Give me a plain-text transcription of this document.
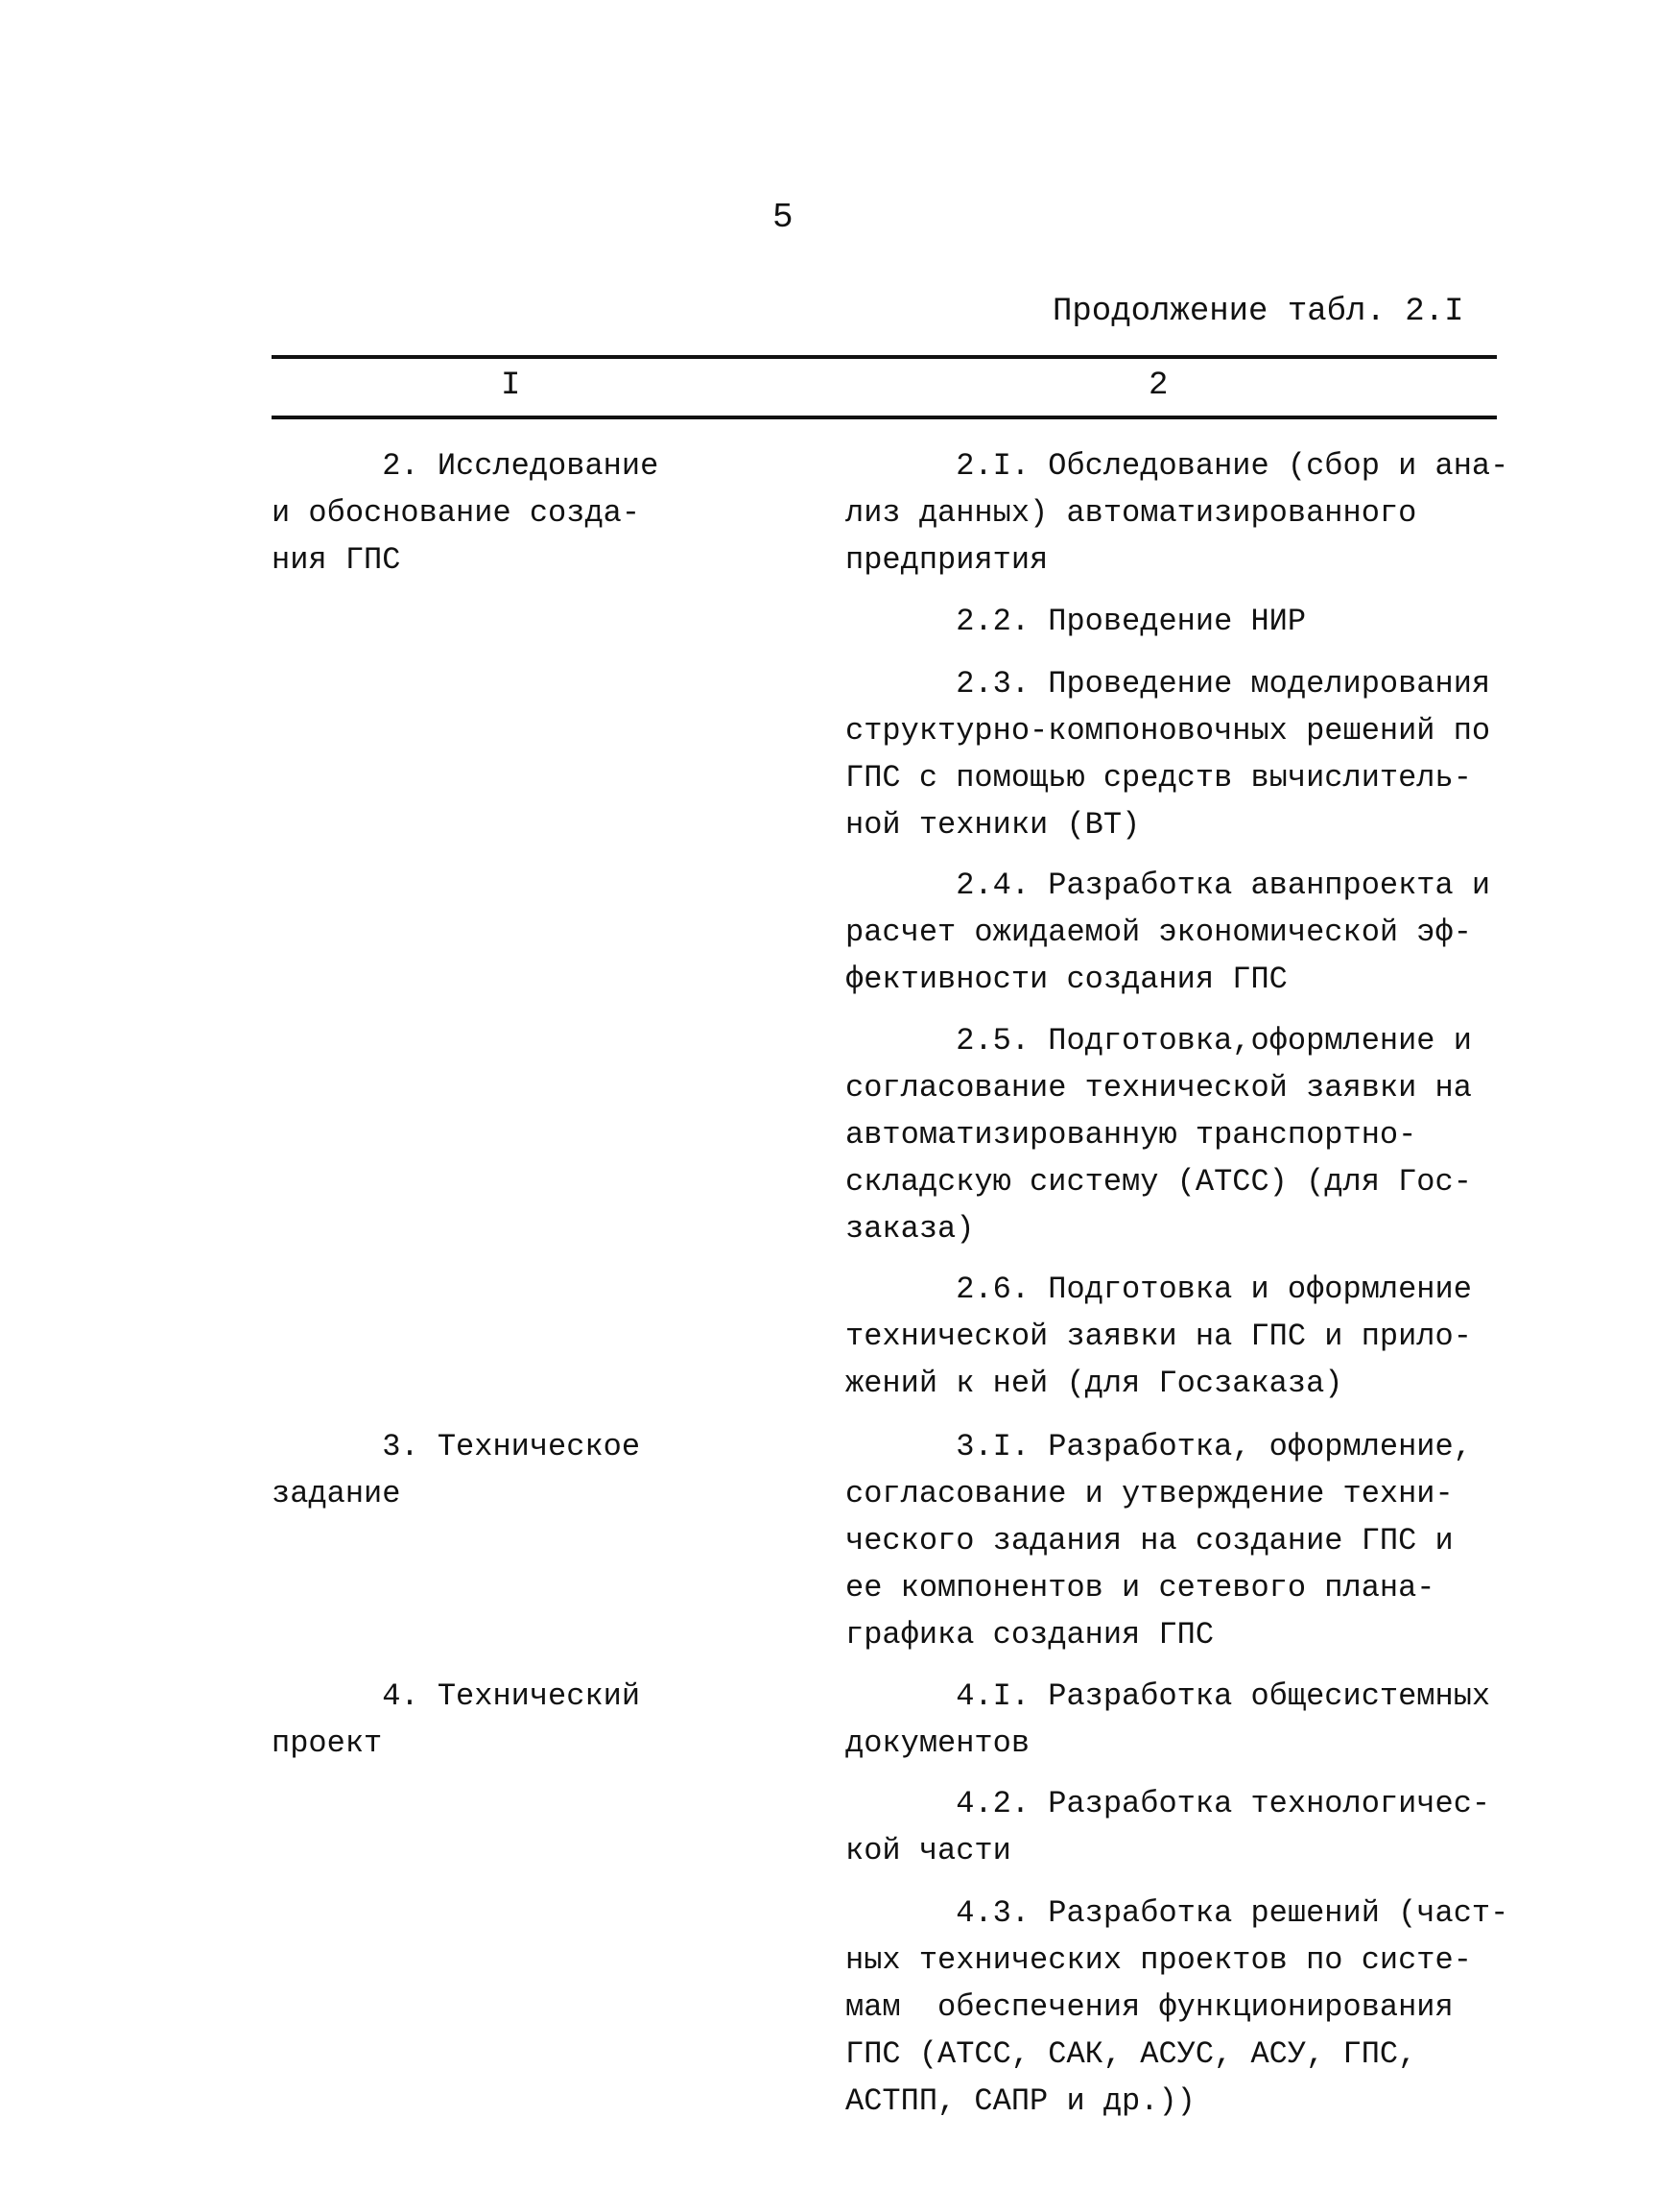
5
Продолжение табл. 2.I
I	2
2. Исследование
и обоснование созда-
ния ГПС
3. Техническое
задание
4. Технический
проект
2.I. Обследование (сбор и ана-
лиз данных) автоматизированного
предприятия
2.2. Проведение НИР
2.3. Проведение моделирования
структурно-компоновочных решений по
ГПС с помощью средств вычислитель-
ной техники (ВТ)
2.4. Разработка аванпроекта и
расчет ожидаемой экономической эф-
фективности создания ГПС
2.5. Подготовка,оформление и
согласование технической заявки на
автоматизированную транспортно-
складскую систему (АТСС) (для Гос-
заказа)
2.6. Подготовка и оформление
технической заявки на ГПС и прило-
жений к ней (для Госзаказа)
3.I. Разработка, оформление,
согласование и утверждение техни-
ческого задания на создание ГПС и
ее компонентов и сетевого плана-
графика создания ГПС
4.I. Разработка общесистемных
документов
4.2. Разработка технологичес-
кой части
4.3. Разработка решений (част-
ных технических проектов по систе-
мам  обеспечения функционирования
ГПС (АТСС, САК, АСУС, АСУ, ГПС,
АСТПП, САПР и др.))
